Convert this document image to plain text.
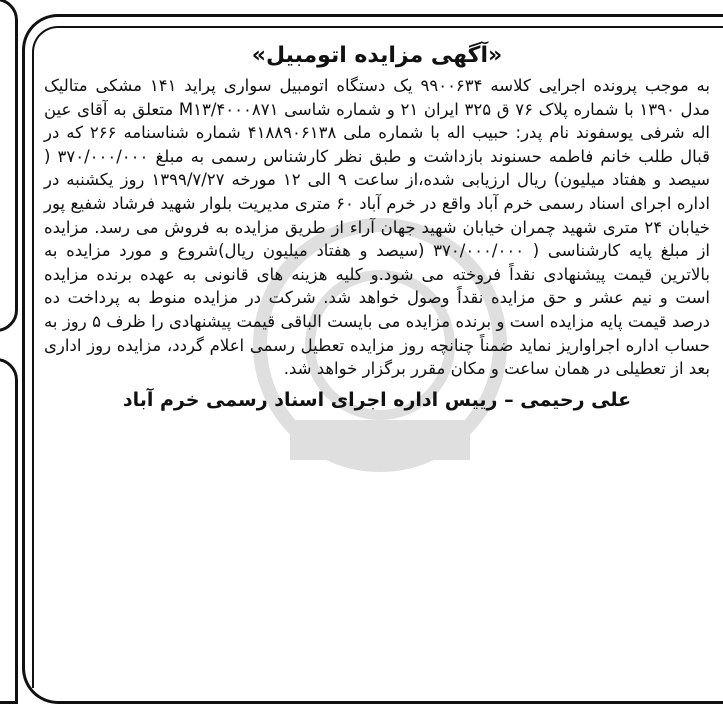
«آگهی مزایده اتومبیل»

به موجب پرونده اجرایی کلاسه ۹۹۰۰۶۳۴ یک دستگاه اتومبیل سواری پراید ۱۴۱ مشکی متالیک مدل ۱۳۹۰ با شماره پلاک ۷۶ ق ۳۲۵ ایران ۲۱ و شماره شاسی M۱۳/۴۰۰۰۸۷۱ متعلق به آقای عین اله شرفی یوسفوند نام پدر: حبیب اله با شماره ملی ۴۱۸۸۹۰۶۱۳۸ شماره شناسنامه ۲۶۶ که در قبال طلب خانم فاطمه حسنوند بازداشت و طبق نظر کارشناس رسمی به مبلغ ۳۷۰/۰۰۰/۰۰۰ ( سیصد و هفتاد میلیون) ریال ارزیابی شده،از ساعت ۹ الی ۱۲ مورخه ۱۳۹۹/۷/۲۷ روز یکشنبه در اداره اجرای اسناد رسمی خرم آباد واقع در خرم آباد ۶۰ متری مدیریت بلوار شهید فرشاد شفیع پور خیابان ۲۴ متری شهید چمران خیابان شهید جهان آراء از طریق مزایده به فروش می رسد. مزایده از مبلغ پایه کارشناسی ( ۳۷۰/۰۰۰/۰۰۰ (سیصد و هفتاد میلیون ریال)شروع و مورد مزایده به بالاترین قیمت پیشنهادی نقداً فروخته می شود.و کلیه هزینه های قانونی به عهده برنده مزایده است و نیم عشر و حق مزایده نقداً وصول خواهد شد. شرکت در مزایده منوط به پرداخت ده درصد قیمت پایه مزایده است و برنده مزایده می بایست الباقی قیمت پیشنهادی را ظرف ۵ روز به حساب اداره اجراواریز نماید ضمناً چنانچه روز مزایده تعطیل رسمی اعلام گردد، مزایده روز اداری بعد از تعطیلی در همان ساعت و مکان مقرر برگزار خواهد شد.

علی رحیمی – رییس اداره اجرای اسناد رسمی خرم آباد
